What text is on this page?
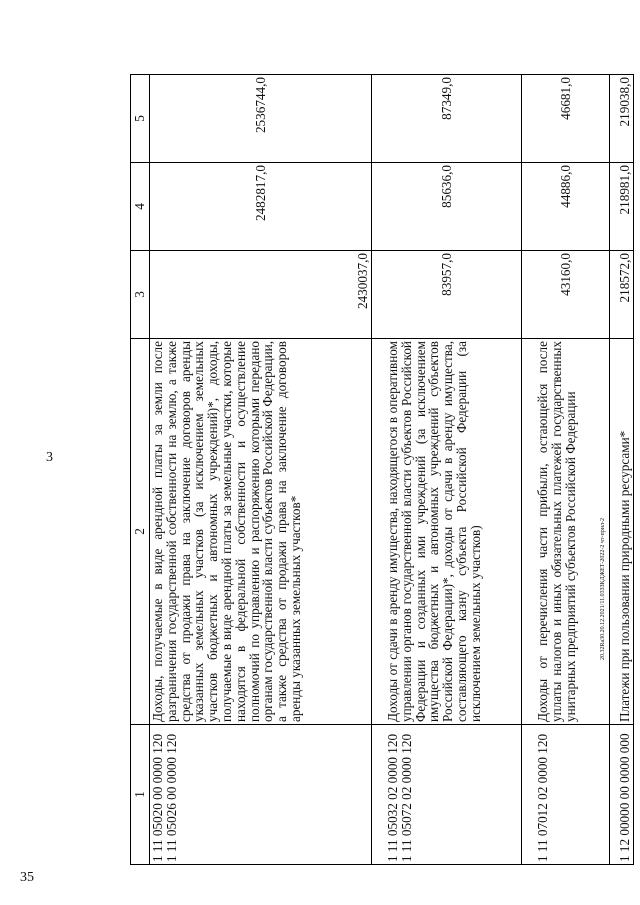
3
35
20.32Ra30.20.12.2021/11.03ЗЗКДЖЕТ-2022-2 чт-прил-2
1	2	3	4	5

1 11 05020 00 0000 120
1 11 05026 00 0000 120	Доходы, получаемые в виде арендной платы за земли после разграничения государственной собственности на землю, а также средства от продажи права на заключение договоров аренды указанных земельных участков (за исключением земельных участков бюджетных и автономных учреждений)*, доходы, получаемые в виде арендной платы за земельные участки, которые находятся в федеральной собственности и осуществление полномочий по управлению и распоряжению которыми передано органам государственной власти субъектов Российской Федерации, а также средства от продажи права на заключение договоров аренды указанных земельных участков*	2430037,0	2482817,0	2536744,0

1 11 05032 02 0000 120
1 11 05072 02 0000 120	Доходы от сдачи в аренду имущества, находящегося в оперативном управлении органов государственной власти субъектов Российской Федерации и созданных ими учреждений (за исключением имущества бюджетных и автономных учреждений субъектов Российской Федерации)*, доходы от сдачи в аренду имущества, составляющего казну субъекта Российской Федерации (за исключением земельных участков)	83957,0	85636,0	87349,0

1 11 07012 02 0000 120	Доходы от перечисления части прибыли, остающейся после уплаты налогов и иных обязательных платежей государственных унитарных предприятий субъектов Российской Федерации	43160,0	44886,0	46681,0

1 12 00000 00 0000 000	Платежи при пользовании природными ресурсами*	218572,0	218981,0	219038,0
